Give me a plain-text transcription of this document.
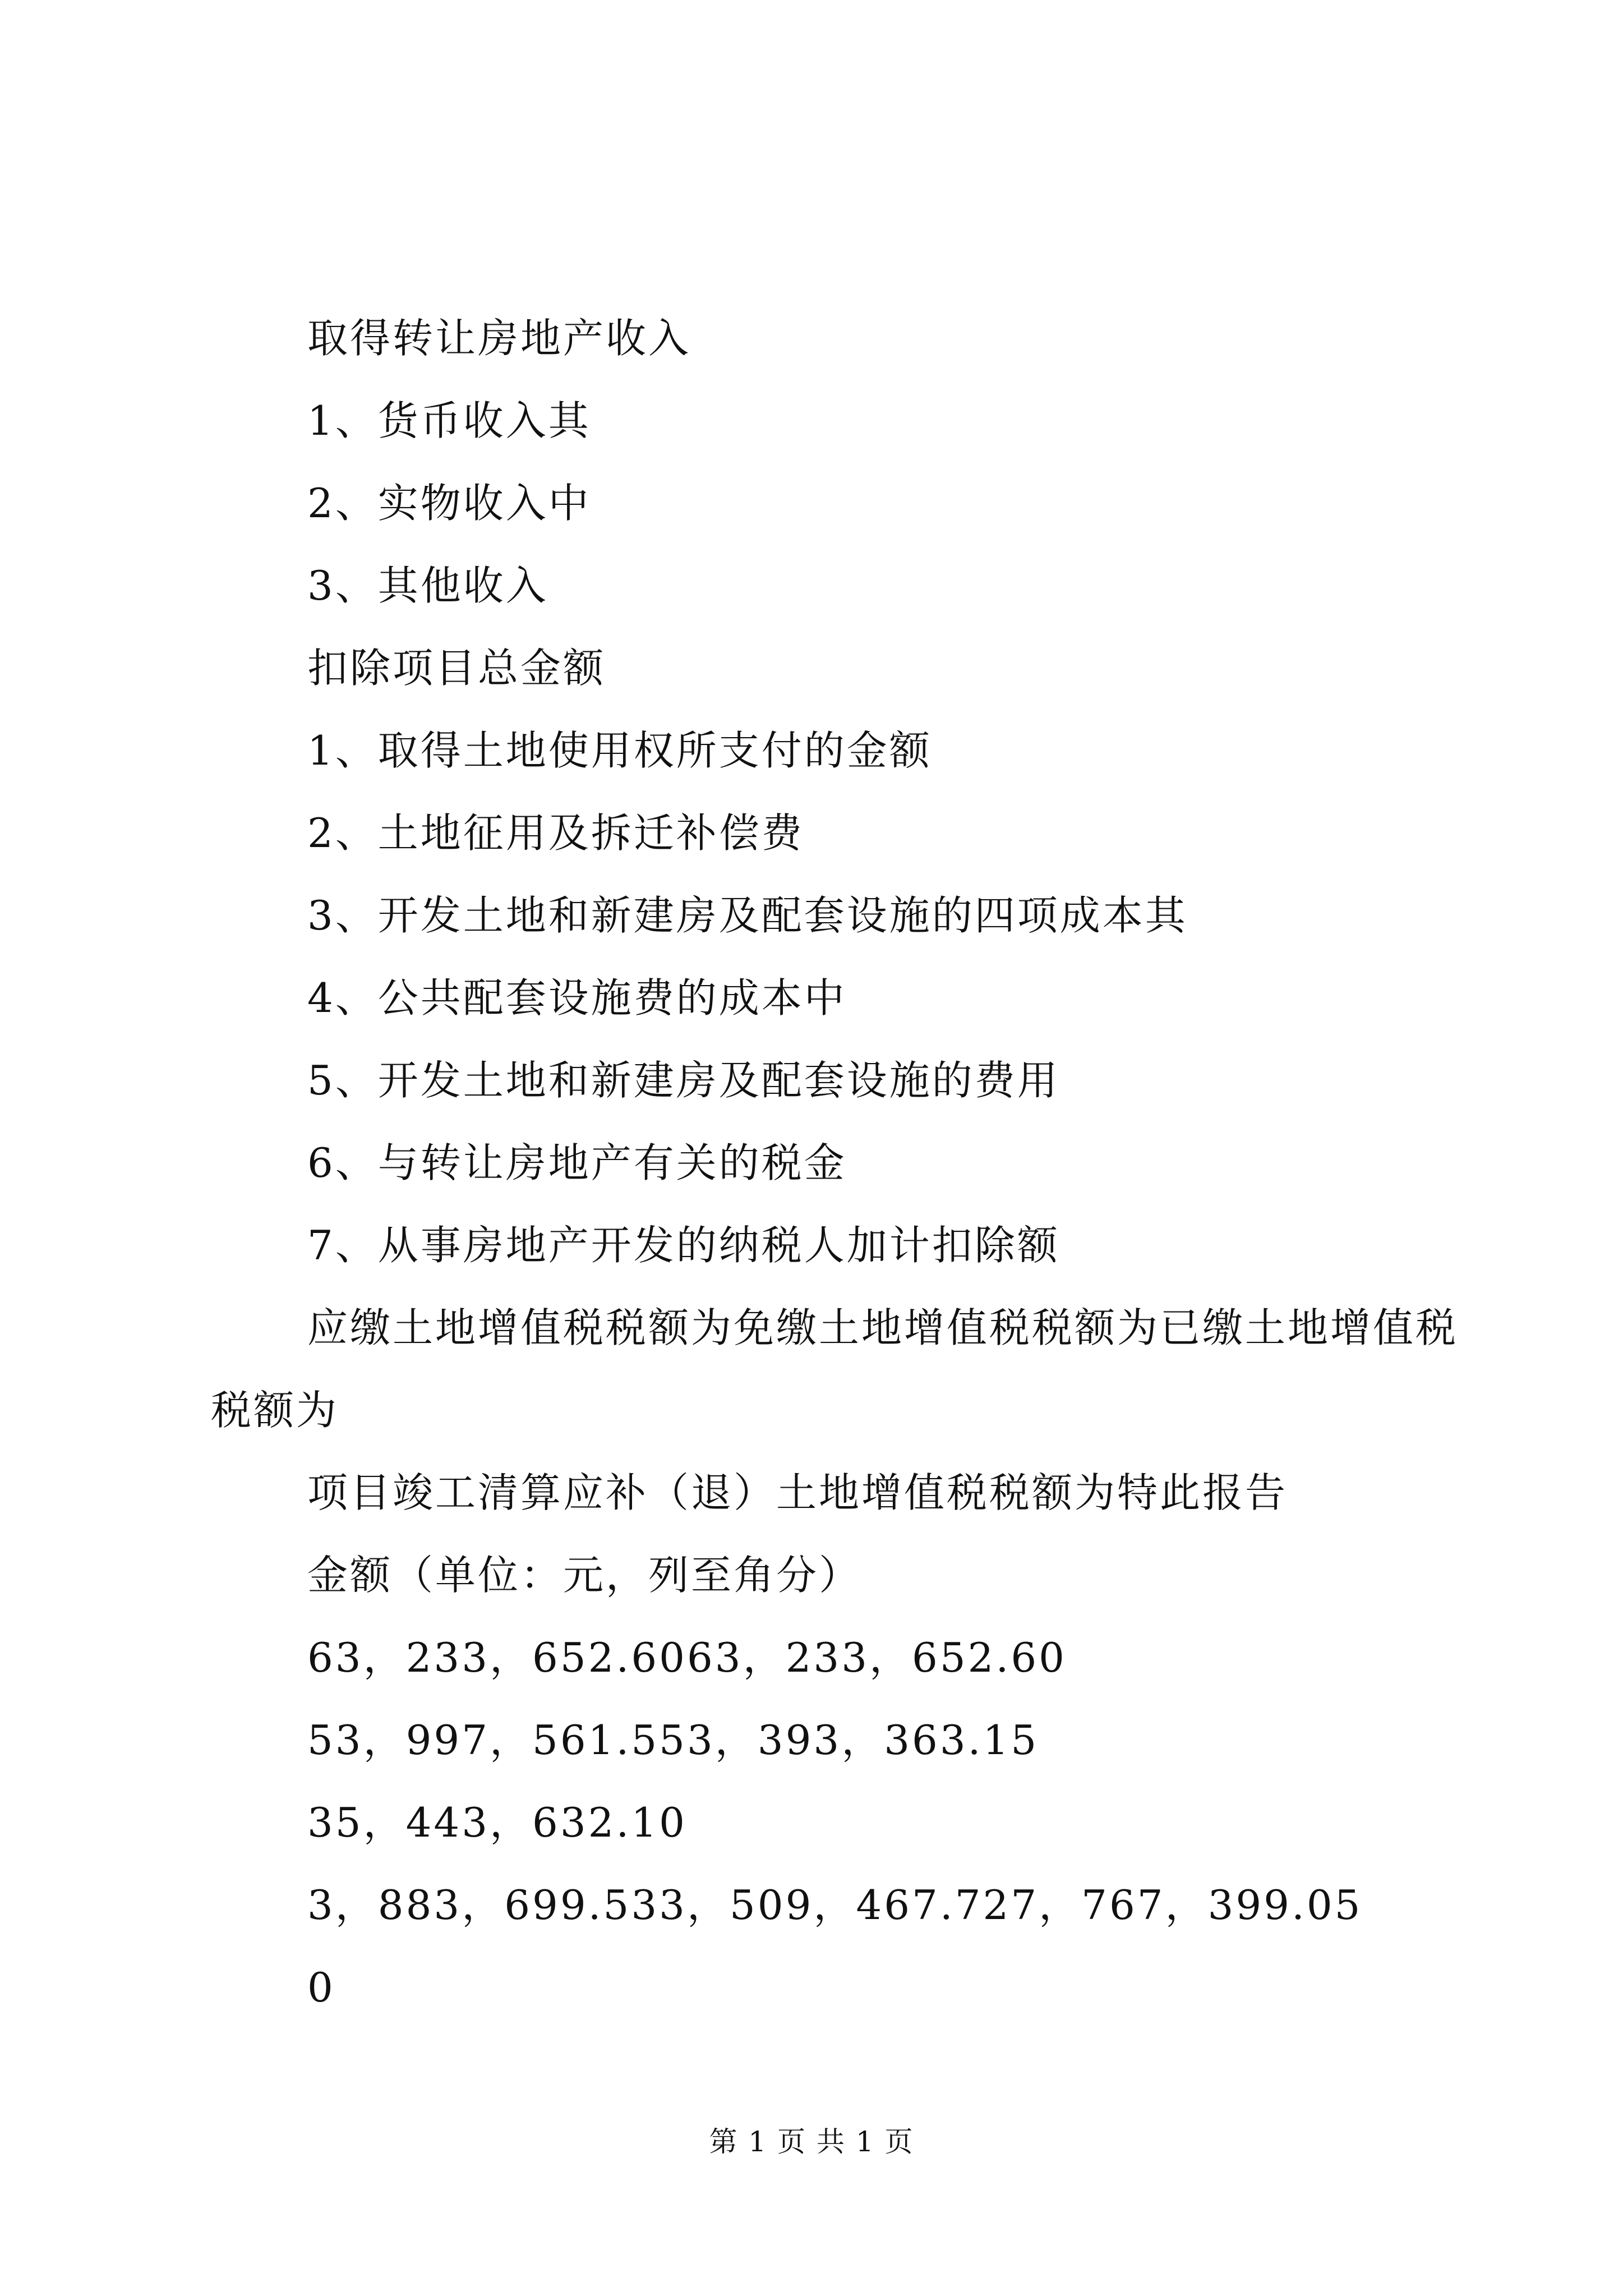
取得转让房地产收入
1、货币收入其
2、实物收入中
3、其他收入
扣除项目总金额
1、取得土地使用权所支付的金额
2、土地征用及拆迁补偿费
3、开发土地和新建房及配套设施的四项成本其
4、公共配套设施费的成本中
5、开发土地和新建房及配套设施的费用
6、与转让房地产有关的税金
7、从事房地产开发的纳税人加计扣除额
应缴土地增值税税额为免缴土地增值税税额为已缴土地增值税税额为
项目竣工清算应补（退）土地增值税税额为特此报告
金额（单位：元，列至角分）
63，233，652.6063，233，652.60
53，997，561.553，393，363.15
35，443，632.10
3，883，699.533，509，467.727，767，399.05
0
第 1 页 共 1 页
